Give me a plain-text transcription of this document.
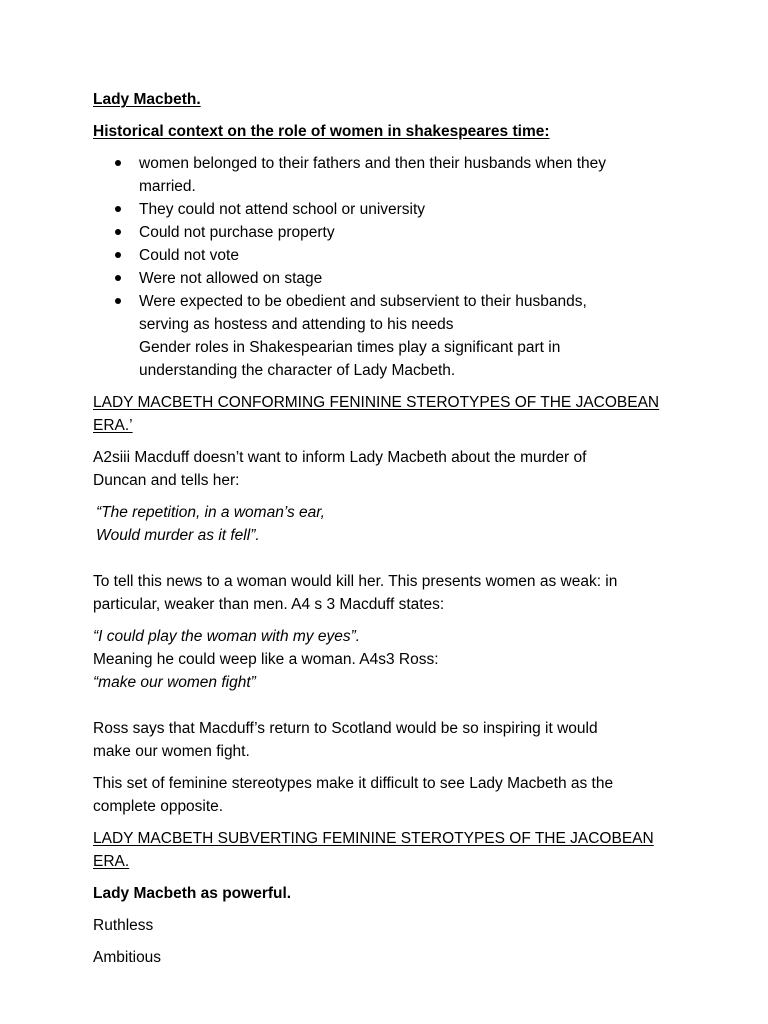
Lady Macbeth.

Historical context on the role of women in shakespeares time:

women belonged to their fathers and then their husbands when they
married.
They could not attend school or university
Could not purchase property
Could not vote
Were not allowed on stage
Were expected to be obedient and subservient to their husbands,
serving as hostess and attending to his needs
Gender roles in Shakespearian times play a significant part in
understanding the character of Lady Macbeth.

LADY MACBETH CONFORMING FENININE STEROTYPES OF THE JACOBEAN ERA.’

A2siii Macduff doesn’t want to inform Lady Macbeth about the murder of
Duncan and tells her:
“The repetition, in a woman’s ear,
Would murder as it fell”.
To tell this news to a woman would kill her. This presents women as weak: in
particular, weaker than men. A4 s 3 Macduff states:
“I could play the woman with my eyes”.
Meaning he could weep like a woman. A4s3 Ross:
“make our women fight”
Ross says that Macduff’s return to Scotland would be so inspiring it would
make our women fight.
This set of feminine stereotypes make it difficult to see Lady Macbeth as the
complete opposite.

LADY MACBETH SUBVERTING FEMININE STEROTYPES OF THE JACOBEAN ERA.

Lady Macbeth as powerful.

Ruthless

Ambitious
